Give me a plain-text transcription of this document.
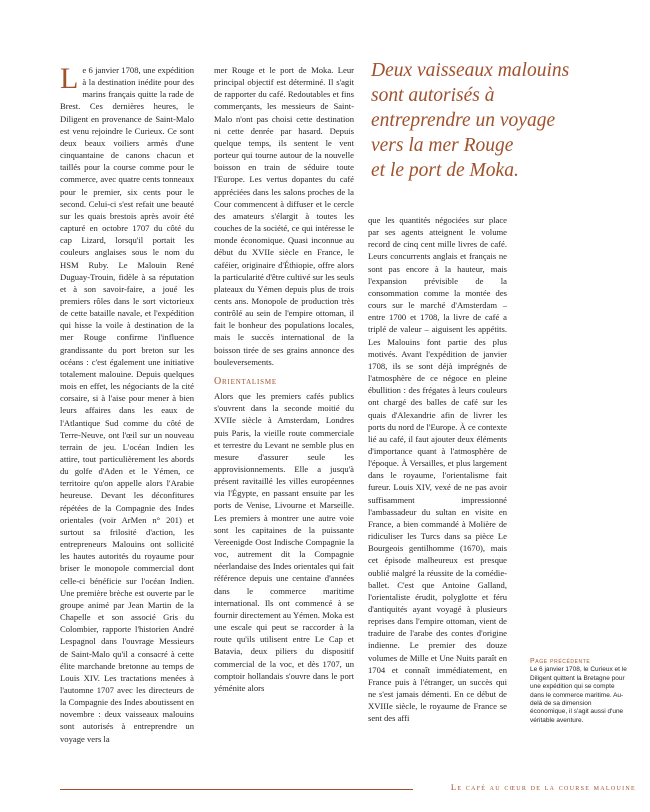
Le 6 janvier 1708, une expédition à la destination inédite pour des marins français quitte la rade de Brest. Ces dernières heures, le Diligent en provenance de Saint-Malo est venu rejoindre le Curieux. Ce sont deux beaux voiliers armés d'une cinquantaine de canons chacun et taillés pour la course comme pour le commerce, avec quatre cents tonneaux pour le premier, six cents pour le second. Celui-ci s'est refait une beauté sur les quais brestois après avoir été capturé en octobre 1707 du côté du cap Lizard, lorsqu'il portait les couleurs anglaises sous le nom du HSM Ruby. Le Malouin René Duguay-Trouin, fidèle à sa réputation et à son savoir-faire, a joué les premiers rôles dans le sort victorieux de cette bataille navale, et l'expédition qui hisse la voile à destination de la mer Rouge confirme l'influence grandissante du port breton sur les océans : c'est également une initiative totalement malouine. Depuis quelques mois en effet, les négociants de la cité corsaire, si à l'aise pour mener à bien leurs affaires dans les eaux de l'Atlantique Sud comme du côté de Terre-Neuve, ont l'œil sur un nouveau terrain de jeu. L'océan Indien les attire, tout particulièrement les abords du golfe d'Aden et le Yémen, ce territoire qu'on appelle alors l'Arabie heureuse. Devant les déconfitures répétées de la Compagnie des Indes orientales (voir ArMen n° 201) et surtout sa frilosité d'action, les entrepreneurs Malouins ont sollicité les hautes autorités du royaume pour briser le monopole commercial dont celle-ci bénéficie sur l'océan Indien. Une première brèche est ouverte par le groupe animé par Jean Martin de la Chapelle et son associé Gris du Colombier, rapporte l'historien André Lespagnol dans l'ouvrage Messieurs de Saint-Malo qu'il a consacré à cette élite marchande bretonne au temps de Louis XIV. Les tractations menées à l'automne 1707 avec les directeurs de la Compagnie des Indes aboutissent en novembre : deux vaisseaux malouins sont autorisés à entreprendre un voyage vers la

mer Rouge et le port de Moka. Leur principal objectif est déterminé. Il s'agit de rapporter du café. Redoutables et fins commerçants, les messieurs de Saint-Malo n'ont pas choisi cette destination ni cette denrée par hasard. Depuis quelque temps, ils sentent le vent porteur qui tourne autour de la nouvelle boisson en train de séduire toute l'Europe. Les vertus dopantes du café appréciées dans les salons proches de la Cour commencent à diffuser et le cercle des amateurs s'élargit à toutes les couches de la société, ce qui intéresse le monde économique. Quasi inconnue au début du XVIIe siècle en France, le caféier, originaire d'Éthiopie, offre alors la particularité d'être cultivé sur les seuls plateaux du Yémen depuis plus de trois cents ans. Monopole de production très contrôlé au sein de l'empire ottoman, il fait le bonheur des populations locales, mais le succès international de la boisson tirée de ses grains annonce des bouleversements.

Orientalisme

Alors que les premiers cafés publics s'ouvrent dans la seconde moitié du XVIIe siècle à Amsterdam, Londres puis Paris, la vieille route commerciale et terrestre du Levant ne semble plus en mesure d'assurer seule les approvisionnements. Elle a jusqu'à présent ravitaillé les villes européennes via l'Égypte, en passant ensuite par les ports de Venise, Livourne et Marseille. Les premiers à montrer une autre voie sont les capitaines de la puissante Vereenigde Oost Indische Compagnie la voc, autrement dit la Compagnie néerlandaise des Indes orientales qui fait référence depuis une centaine d'années dans le commerce maritime international. Ils ont commencé à se fournir directement au Yémen. Moka est une escale qui peut se raccorder à la route qu'ils utilisent entre Le Cap et Batavia, deux piliers du dispositif commercial de la voc, et dès 1707, un comptoir hollandais s'ouvre dans le port yéménite alors

Deux vaisseaux malouins
sont autorisés à
entreprendre un voyage
vers la mer Rouge
et le port de Moka.

que les quantités négociées sur place par ses agents atteignent le volume record de cinq cent mille livres de café. Leurs concurrents anglais et français ne sont pas encore à la hauteur, mais l'expansion prévisible de la consommation comme la montée des cours sur le marché d'Amsterdam – entre 1700 et 1708, la livre de café a triplé de valeur – aiguisent les appétits. Les Malouins font partie des plus motivés. Avant l'expédition de janvier 1708, ils se sont déjà imprégnés de l'atmosphère de ce négoce en pleine ébullition : des frégates à leurs couleurs ont chargé des balles de café sur les quais d'Alexandrie afin de livrer les ports du nord de l'Europe. À ce contexte lié au café, il faut ajouter deux éléments d'importance quant à l'atmosphère de l'époque. À Versailles, et plus largement dans le royaume, l'orientalisme fait fureur. Louis XIV, vexé de ne pas avoir suffisamment impressionné l'ambassadeur du sultan en visite en France, a bien commandé à Molière de ridiculiser les Turcs dans sa pièce Le Bourgeois gentilhomme (1670), mais cet épisode malheureux est presque oublié malgré la réussite de la comédie-ballet. C'est que Antoine Galland, l'orientaliste érudit, polyglotte et féru d'antiquités ayant voyagé à plusieurs reprises dans l'empire ottoman, vient de traduire de l'arabe des contes d'origine indienne. Le premier des douze volumes de Mille et Une Nuits paraît en 1704 et connaît immédiatement, en France puis à l'étranger, un succès qui ne s'est jamais démenti. En ce début de XVIIIe siècle, le royaume de France se sent des affi

Page précédente
Le 6 janvier 1708, le Curieux et le Diligent quittent la Bretagne pour une expédition qui se compte dans le commerce maritime. Au-delà de sa dimension économique, il s'agit aussi d'une véritable aventure.
Le café au cœur de la course malouine
